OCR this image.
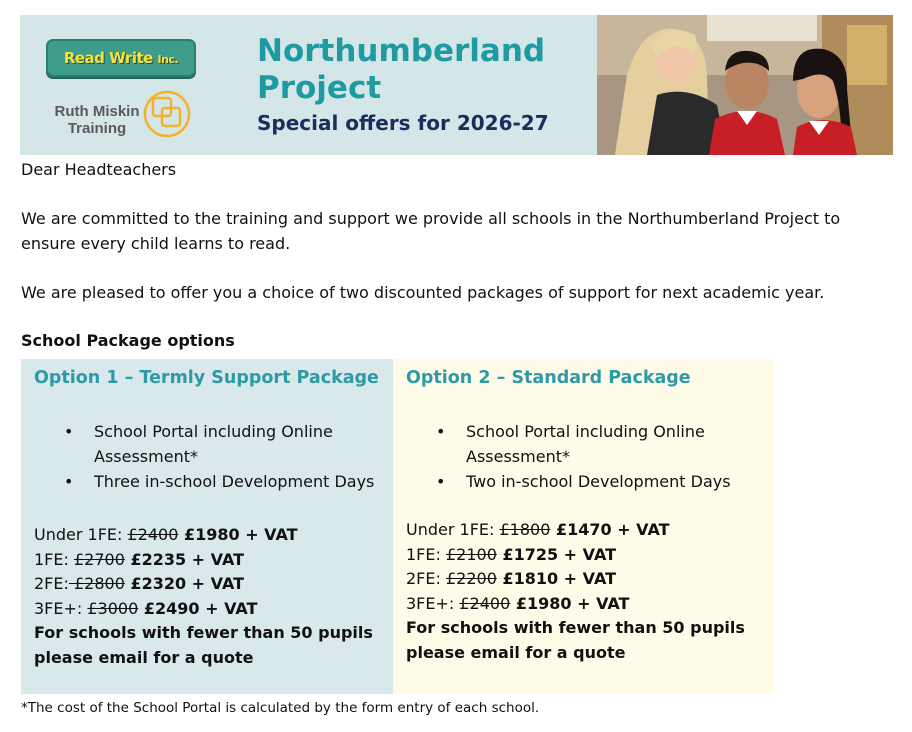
Read Write Inc.
Ruth Miskin
Training
Northumberland
Project
Special offers for 2026-27
Dear Headteachers
We are committed to the training and support we provide all schools in the Northumberland Project to
ensure every child learns to read.
We are pleased to offer you a choice of two discounted packages of support for next academic year.
School Package options
Option 1 – Termly Support Package
• School Portal including Online
Assessment*
• Three in-school Development Days
Under 1FE: £2400 £1980 + VAT
1FE: £2700 £2235 + VAT
2FE: £2800 £2320 + VAT
3FE+: £3000 £2490 + VAT
For schools with fewer than 50 pupils
please email for a quote
Option 2 – Standard Package
• School Portal including Online
Assessment*
• Two in-school Development Days
Under 1FE: £1800 £1470 + VAT
1FE: £2100 £1725 + VAT
2FE: £2200 £1810 + VAT
3FE+: £2400 £1980 + VAT
For schools with fewer than 50 pupils
please email for a quote
*The cost of the School Portal is calculated by the form entry of each school.
